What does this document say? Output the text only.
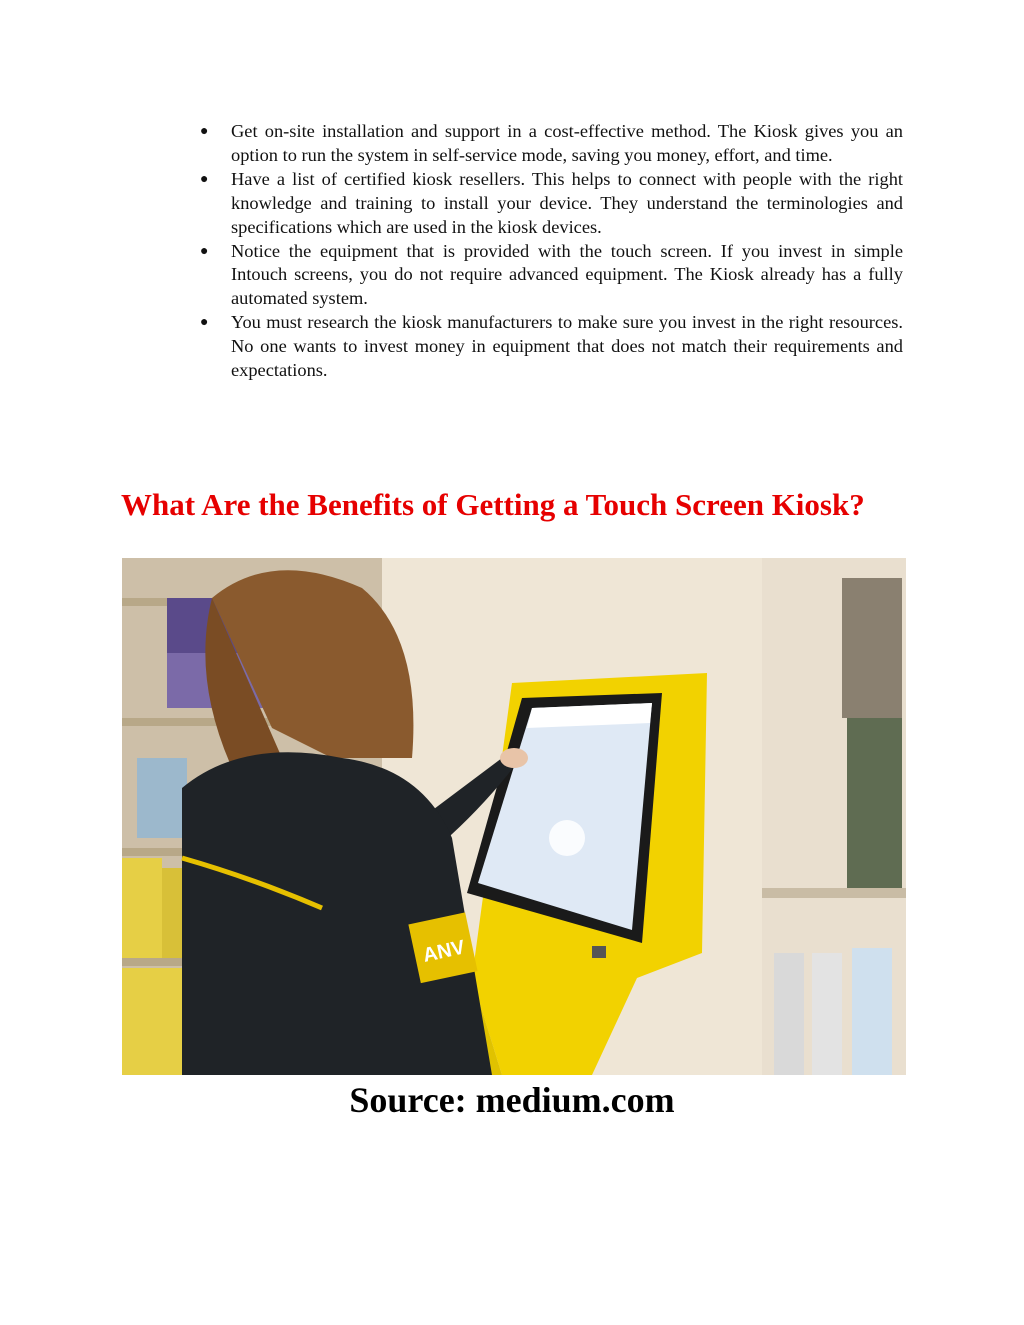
●	Get on-site installation and support in a cost-effective method. The Kiosk gives you an option to run the system in self-service mode, saving you money, effort, and time.
●	Have a list of certified kiosk resellers. This helps to connect with people with the right knowledge and training to install your device. They understand the terminologies and specifications which are used in the kiosk devices.
●	Notice the equipment that is provided with the touch screen. If you invest in simple Intouch screens, you do not require advanced equipment. The Kiosk already has a fully automated system.
●	You must research the kiosk manufacturers to make sure you invest in the right resources. No one wants to invest money in equipment that does not match their requirements and expectations.
What Are the Benefits of Getting a Touch Screen Kiosk?
ANV
Source: medium.com
